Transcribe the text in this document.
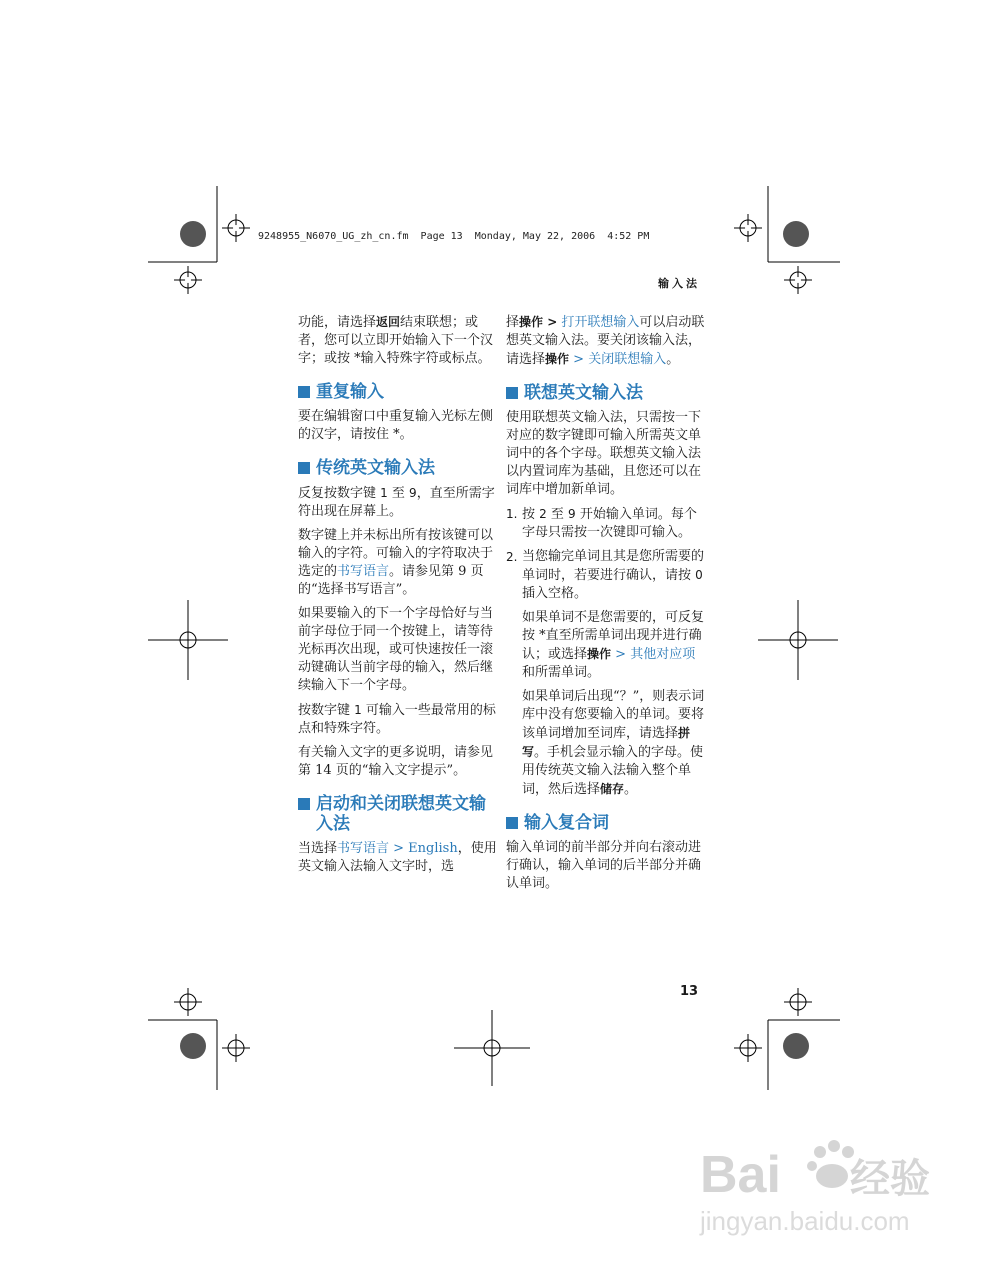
9248955_N6070_UG_zh_cn.fm  Page 13  Monday, May 22, 2006  4:52 PM
输入法

功能，请选择返回结束联想；或者，您可以立即开始输入下一个汉字；或按 *输入特殊字符或标点。

重复输入

要在编辑窗口中重复输入光标左侧的汉字，请按住 *。

传统英文输入法

反复按数字键 1 至 9，直至所需字符出现在屏幕上。

数字键上并未标出所有按该键可以输入的字符。可输入的字符取决于选定的书写语言。请参见第 9 页的“选择书写语言”。

如果要输入的下一个字母恰好与当前字母位于同一个按键上，请等待光标再次出现，或可快速按任一滚动键确认当前字母的输入，然后继续输入下一个字母。

按数字键 1 可输入一些最常用的标点和特殊字符。

有关输入文字的更多说明，请参见第 14 页的“输入文字提示”。

启动和关闭联想英文输入法

当选择书写语言 > English，使用英文输入法输入文字时，选

择操作 > 打开联想输入可以启动联想英文输入法。要关闭该输入法，请选择操作 > 关闭联想输入。

联想英文输入法

使用联想英文输入法，只需按一下对应的数字键即可输入所需英文单词中的各个字母。联想英文输入法以内置词库为基础，且您还可以在词库中增加新单词。

1. 按 2 至 9 开始输入单词。每个字母只需按一次键即可输入。
2. 当您输完单词且其是您所需要的单词时，若要进行确认，请按 0 插入空格。

如果单词不是您需要的，可反复按 *直至所需单词出现并进行确认；或选择操作 > 其他对应项和所需单词。

如果单词后出现“？”，则表示词库中没有您要输入的单词。要将该单词增加至词库，请选择拼写。手机会显示输入的字母。使用传统英文输入法输入整个单词，然后选择储存。

输入复合词

输入单词的前半部分并向右滚动进行确认，输入单词的后半部分并确认单词。

13
Bai 经验
jingyan.baidu.com
